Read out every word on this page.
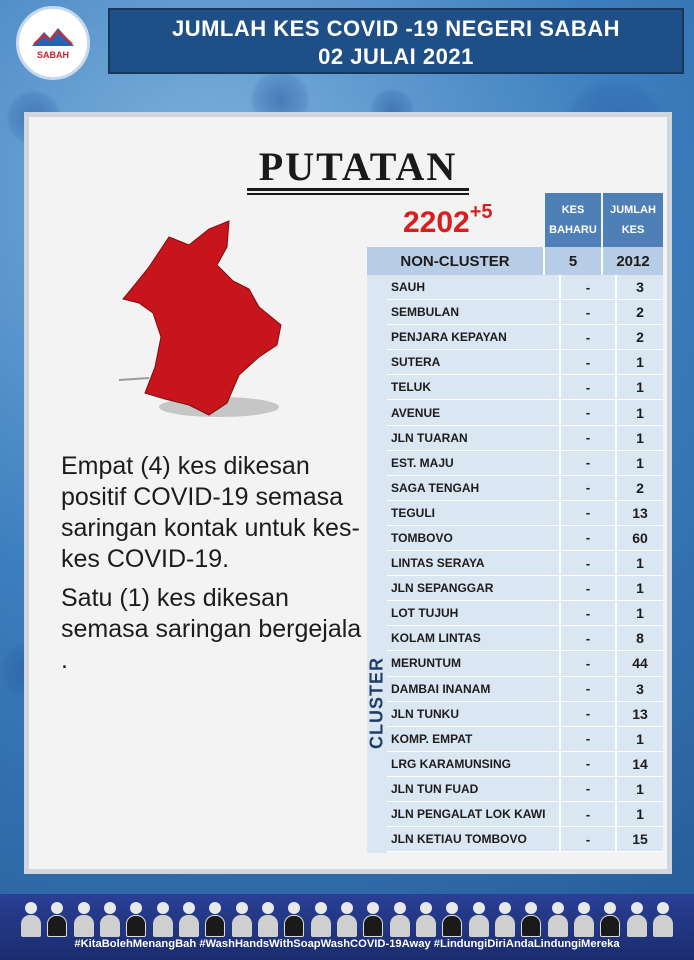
SABAH
JUMLAH KES COVID -19 NEGERI SABAH
02 JULAI 2021
PUTATAN
$2202^{+5}$

Empat (4) kes dikesan positif COVID-19 semasa saringan kontak untuk kes-kes COVID-19.

Satu (1) kes dikesan semasa saringan bergejala .

KES BAHARU
JUMLAH KES
NON-CLUSTER	5	2012
CLUSTER
SAUH	-	3
SEMBULAN	-	2
PENJARA KEPAYAN	-	2
SUTERA	-	1
TELUK	-	1
AVENUE	-	1
JLN TUARAN	-	1
EST. MAJU	-	1
SAGA TENGAH	-	2
TEGULI	-	13
TOMBOVO	-	60
LINTAS SERAYA	-	1
JLN SEPANGGAR	-	1
LOT TUJUH	-	1
KOLAM LINTAS	-	8
MERUNTUM	-	44
DAMBAI INANAM	-	3
JLN TUNKU	-	13
KOMP. EMPAT	-	1
LRG KARAMUNSING	-	14
JLN TUN FUAD	-	1
JLN PENGALAT LOK KAWI	-	1
JLN KETIAU TOMBOVO	-	15
#KitaBolehMenangBah #WashHandsWithSoapWashCOVID-19Away #LindungiDiriAndaLindungiMereka
